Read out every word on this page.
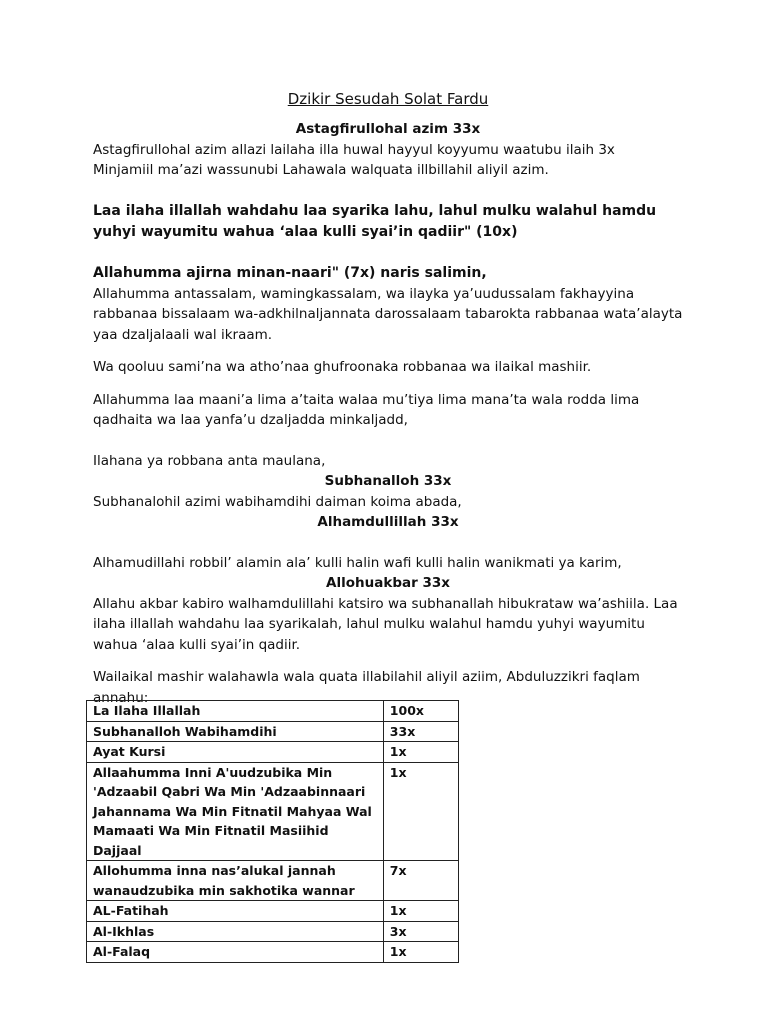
Dzikir Sesudah Solat Fardu

Astagfirullohal azim 33x

Astagfirullohal azim allazi lailaha illa huwal hayyul koyyumu waatubu ilaih 3x

Minjamiil ma’azi wassunubi Lahawala walquata illbillahil aliyil azim.

Laa ilaha illallah wahdahu laa syarika lahu, lahul mulku walahul hamdu yuhyi wayumitu wahua ‘alaa kulli syai’in qadiir" (10x)

Allahumma ajirna minan-naari" (7x) naris salimin,

Allahumma antassalam, wamingkassalam, wa ilayka ya’uudussalam fakhayyina rabbanaa bissalaam wa-adkhilnaljannata darossalaam tabarokta rabbanaa wata’alayta yaa dzaljalaali wal ikraam.

Wa qooluu sami’na wa atho’naa ghufroonaka robbanaa wa ilaikal mashiir.

Allahumma laa maani’a lima a’taita walaa mu’tiya lima mana’ta wala rodda lima qadhaita wa laa yanfa’u dzaljadda minkaljadd,

Ilahana ya robbana anta maulana,

Subhanalloh 33x

Subhanalohil azimi wabihamdihi daiman koima abada,

Alhamdullillah 33x

Alhamudillahi robbil’ alamin ala’ kulli halin wafi kulli halin wanikmati ya karim,

Allohuakbar 33x

Allahu akbar kabiro walhamdulillahi katsiro wa subhanallah hibukrataw wa’ashiila. Laa ilaha illallah wahdahu laa syarikalah, lahul mulku walahul hamdu yuhyi wayumitu wahua ‘alaa kulli syai’in qadiir.

Wailaikal mashir walahawla wala quata illabilahil aliyil aziim, Abduluzzikri faqlam annahu:

La Ilaha Illallah	100x
Subhanalloh Wabihamdihi	33x
Ayat Kursi	1x
Allaahumma Inni A'uudzubika Min 'Adzaabil Qabri Wa Min 'Adzaabinnaari Jahannama Wa Min Fitnatil Mahyaa Wal Mamaati Wa Min Fitnatil Masiihid Dajjaal	1x
Allohumma inna nas’alukal jannah wanaudzubika min sakhotika wannar	7x
AL-Fatihah	1x
Al-Ikhlas	3x
Al-Falaq	1x
